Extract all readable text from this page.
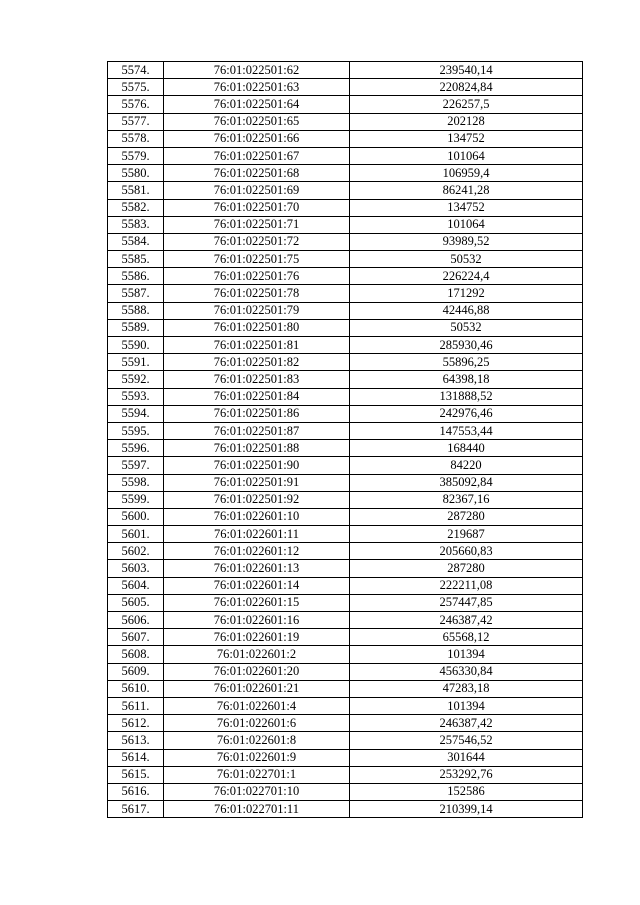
5574.	76:01:022501:62	239540,14
5575.	76:01:022501:63	220824,84
5576.	76:01:022501:64	226257,5
5577.	76:01:022501:65	202128
5578.	76:01:022501:66	134752
5579.	76:01:022501:67	101064
5580.	76:01:022501:68	106959,4
5581.	76:01:022501:69	86241,28
5582.	76:01:022501:70	134752
5583.	76:01:022501:71	101064
5584.	76:01:022501:72	93989,52
5585.	76:01:022501:75	50532
5586.	76:01:022501:76	226224,4
5587.	76:01:022501:78	171292
5588.	76:01:022501:79	42446,88
5589.	76:01:022501:80	50532
5590.	76:01:022501:81	285930,46
5591.	76:01:022501:82	55896,25
5592.	76:01:022501:83	64398,18
5593.	76:01:022501:84	131888,52
5594.	76:01:022501:86	242976,46
5595.	76:01:022501:87	147553,44
5596.	76:01:022501:88	168440
5597.	76:01:022501:90	84220
5598.	76:01:022501:91	385092,84
5599.	76:01:022501:92	82367,16
5600.	76:01:022601:10	287280
5601.	76:01:022601:11	219687
5602.	76:01:022601:12	205660,83
5603.	76:01:022601:13	287280
5604.	76:01:022601:14	222211,08
5605.	76:01:022601:15	257447,85
5606.	76:01:022601:16	246387,42
5607.	76:01:022601:19	65568,12
5608.	76:01:022601:2	101394
5609.	76:01:022601:20	456330,84
5610.	76:01:022601:21	47283,18
5611.	76:01:022601:4	101394
5612.	76:01:022601:6	246387,42
5613.	76:01:022601:8	257546,52
5614.	76:01:022601:9	301644
5615.	76:01:022701:1	253292,76
5616.	76:01:022701:10	152586
5617.	76:01:022701:11	210399,14
